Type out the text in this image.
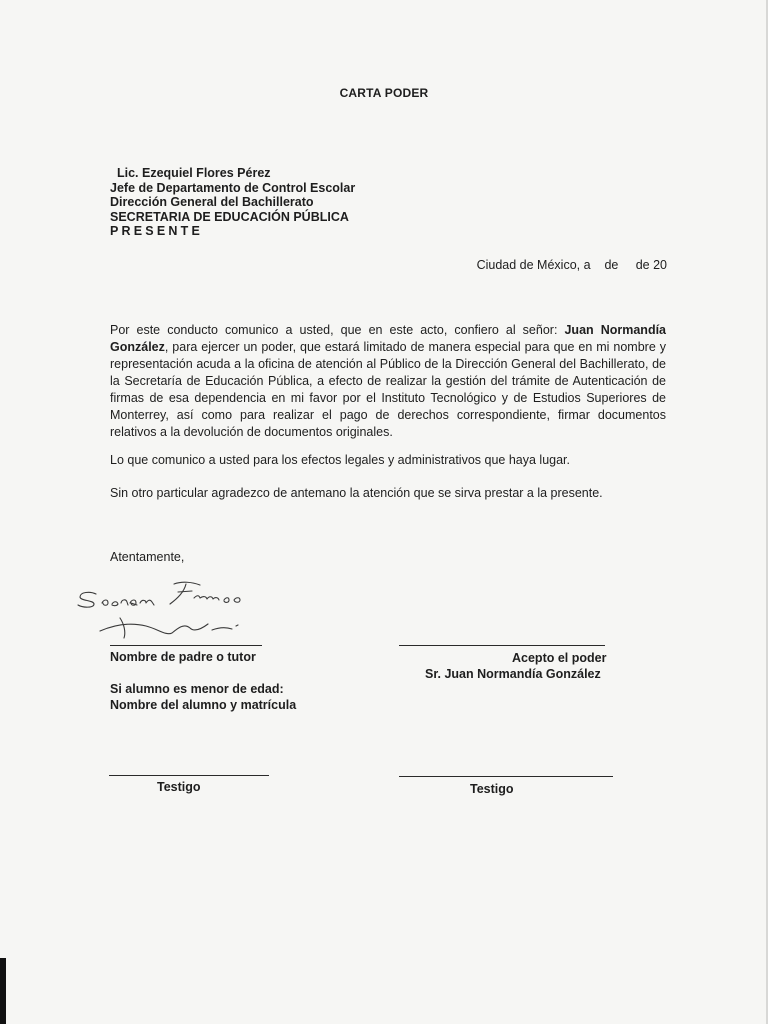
CARTA PODER
Lic. Ezequiel Flores Pérez
Jefe de Departamento de Control Escolar
Dirección General del Bachillerato
SECRETARIA DE EDUCACIÓN PÚBLICA
PRESENTE
Ciudad de México, a    de     de 20
Por este conducto comunico a usted, que en este acto, confiero al señor: Juan Normandía González, para ejercer un poder, que estará limitado de manera especial para que en mi nombre y representación acuda a la oficina de atención al Público de la Dirección General del Bachillerato, de la Secretaría de Educación Pública, a efecto de realizar la gestión del trámite de Autenticación de firmas de esa dependencia en mi favor por el Instituto Tecnológico y de Estudios Superiores de Monterrey, así como para realizar el pago de derechos correspondiente, firmar documentos relativos a la devolución de documentos originales.
Lo que comunico a usted para los efectos legales y administrativos que haya lugar.
Sin otro particular agradezco de antemano la atención que se sirva prestar a la presente.
Atentamente,
Nombre de padre o tutor	Acepto el poder
Sr. Juan Normandía González
Si alumno es menor de edad:
Nombre del alumno y matrícula
Testigo	Testigo
